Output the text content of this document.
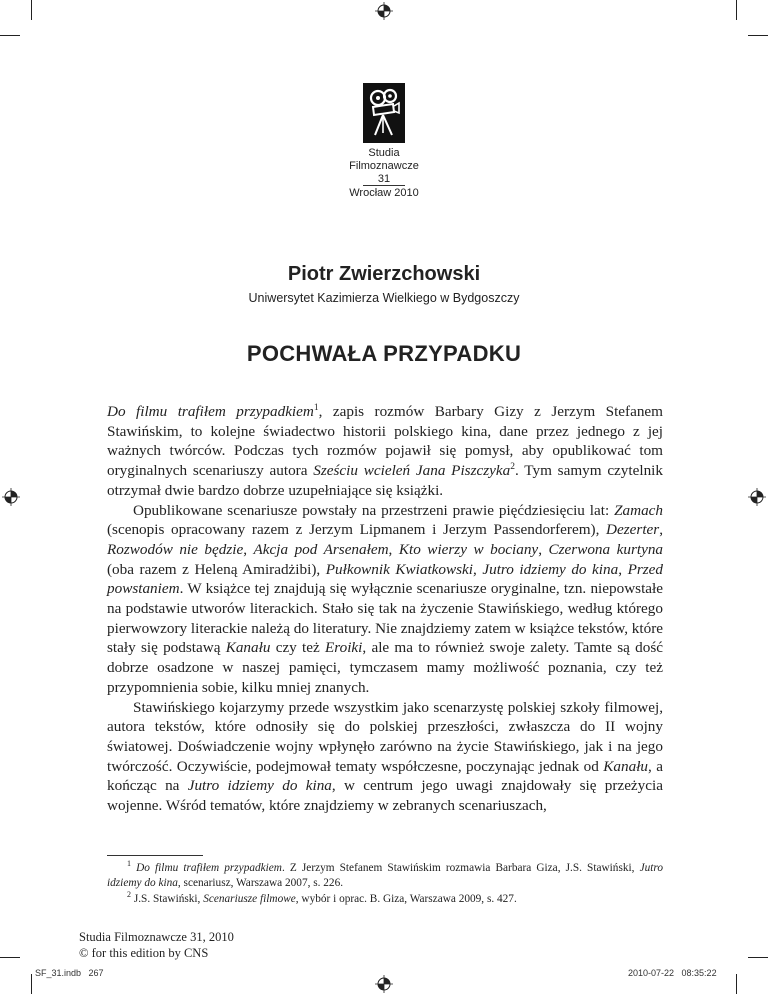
Studia
Filmoznawcze
31
Wrocław 2010
Piotr Zwierzchowski
Uniwersytet Kazimierza Wielkiego w Bydgoszczy
POCHWAŁA PRZYPADKU

Do filmu trafiłem przypadkiem$^1$, zapis rozmów Barbary Gizy z Jerzym Stefanem Stawińskim, to kolejne świadectwo historii polskiego kina, dane przez jednego z jej ważnych twórców. Podczas tych rozmów pojawił się pomysł, aby opublikować tom oryginalnych scenariuszy autora Sześciu wcieleń Jana Piszczyka$^2$. Tym samym czytelnik otrzymał dwie bardzo dobrze uzupełniające się książki.

Opublikowane scenariusze powstały na przestrzeni prawie pięćdziesięciu lat: Zamach (scenopis opracowany razem z Jerzym Lipmanem i Jerzym Passendorferem), Dezerter, Rozwodów nie będzie, Akcja pod Arsenałem, Kto wierzy w bociany, Czerwona kurtyna (oba razem z Heleną Amiradżibi), Pułkownik Kwiatkowski, Jutro idziemy do kina, Przed powstaniem. W książce tej znajdują się wyłącznie scenariusze oryginalne, tzn. niepowstałe na podstawie utworów literackich. Stało się tak na życzenie Stawińskiego, według którego pierwowzory literackie należą do literatury. Nie znajdziemy zatem w książce tekstów, które stały się podstawą Kanału czy też Eroiki, ale ma to również swoje zalety. Tamte są dość dobrze osadzone w naszej pamięci, tymczasem mamy możliwość poznania, czy też przypomnienia sobie, kilku mniej znanych.

Stawińskiego kojarzymy przede wszystkim jako scenarzystę polskiej szkoły filmowej, autora tekstów, które odnosiły się do polskiej przeszłości, zwłaszcza do II wojny światowej. Doświadczenie wojny wpłynęło zarówno na życie Stawińskiego, jak i na jego twórczość. Oczywiście, podejmował tematy współczesne, poczynając jednak od Kanału, a kończąc na Jutro idziemy do kina, w centrum jego uwagi znajdowały się przeżycia wojenne. Wśród tematów, które znajdziemy w zebranych scenariuszach,

$^1$ Do filmu trafiłem przypadkiem. Z Jerzym Stefanem Stawińskim rozmawia Barbara Giza, J.S. Stawiński, Jutro idziemy do kina, scenariusz, Warszawa 2007, s. 226.
$^2$ J.S. Stawiński, Scenariusze filmowe, wybór i oprac. B. Giza, Warszawa 2009, s. 427.
Studia Filmoznawcze 31, 2010
© for this edition by CNS
SF_31.indb   267	2010-07-22   08:35:22
